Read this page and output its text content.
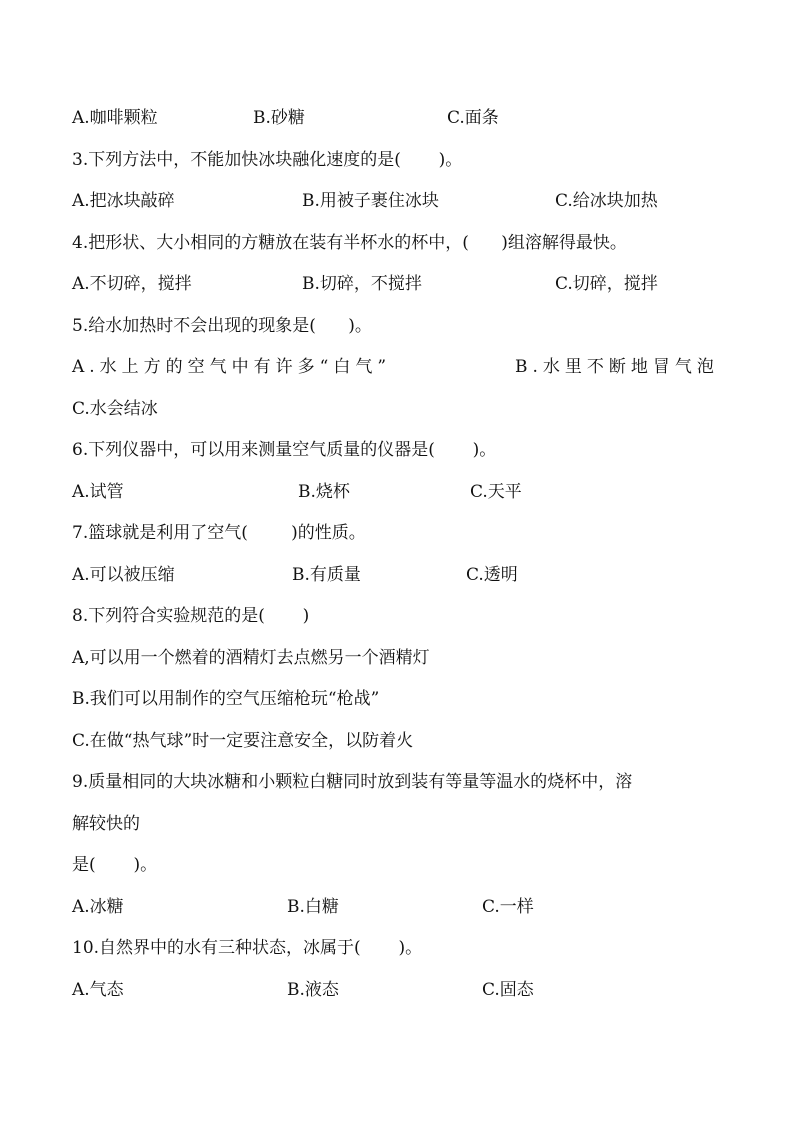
A.咖啡颗粒	B.砂糖	C.面条
3.下列方法中，不能加快冰块融化速度的是(       )。
A.把冰块敲碎	B.用被子裹住冰块	C.给冰块加热
4.把形状、大小相同的方糖放在装有半杯水的杯中，(      )组溶解得最快。
A.不切碎，搅拌	B.切碎，不搅拌	C.切碎，搅拌
5.给水加热时不会出现的现象是(      )。
A.水上方的空气中有许多“白气”	B.水里不断地冒气泡
C.水会结冰
6.下列仪器中，可以用来测量空气质量的仪器是(       )。
A.试管	B.烧杯	C.天平
7.篮球就是利用了空气(        )的性质。
A.可以被压缩	B.有质量	C.透明
8.下列符合实验规范的是(       )
A,可以用一个燃着的酒精灯去点燃另一个酒精灯
B.我们可以用制作的空气压缩枪玩“枪战”
C.在做“热气球”时一定要注意安全，以防着火
9.质量相同的大块冰糖和小颗粒白糖同时放到装有等量等温水的烧杯中，溶
解较快的
是(       )。
A.冰糖	B.白糖	C.一样
10.自然界中的水有三种状态，冰属于(       )。
A.气态	B.液态	C.固态
